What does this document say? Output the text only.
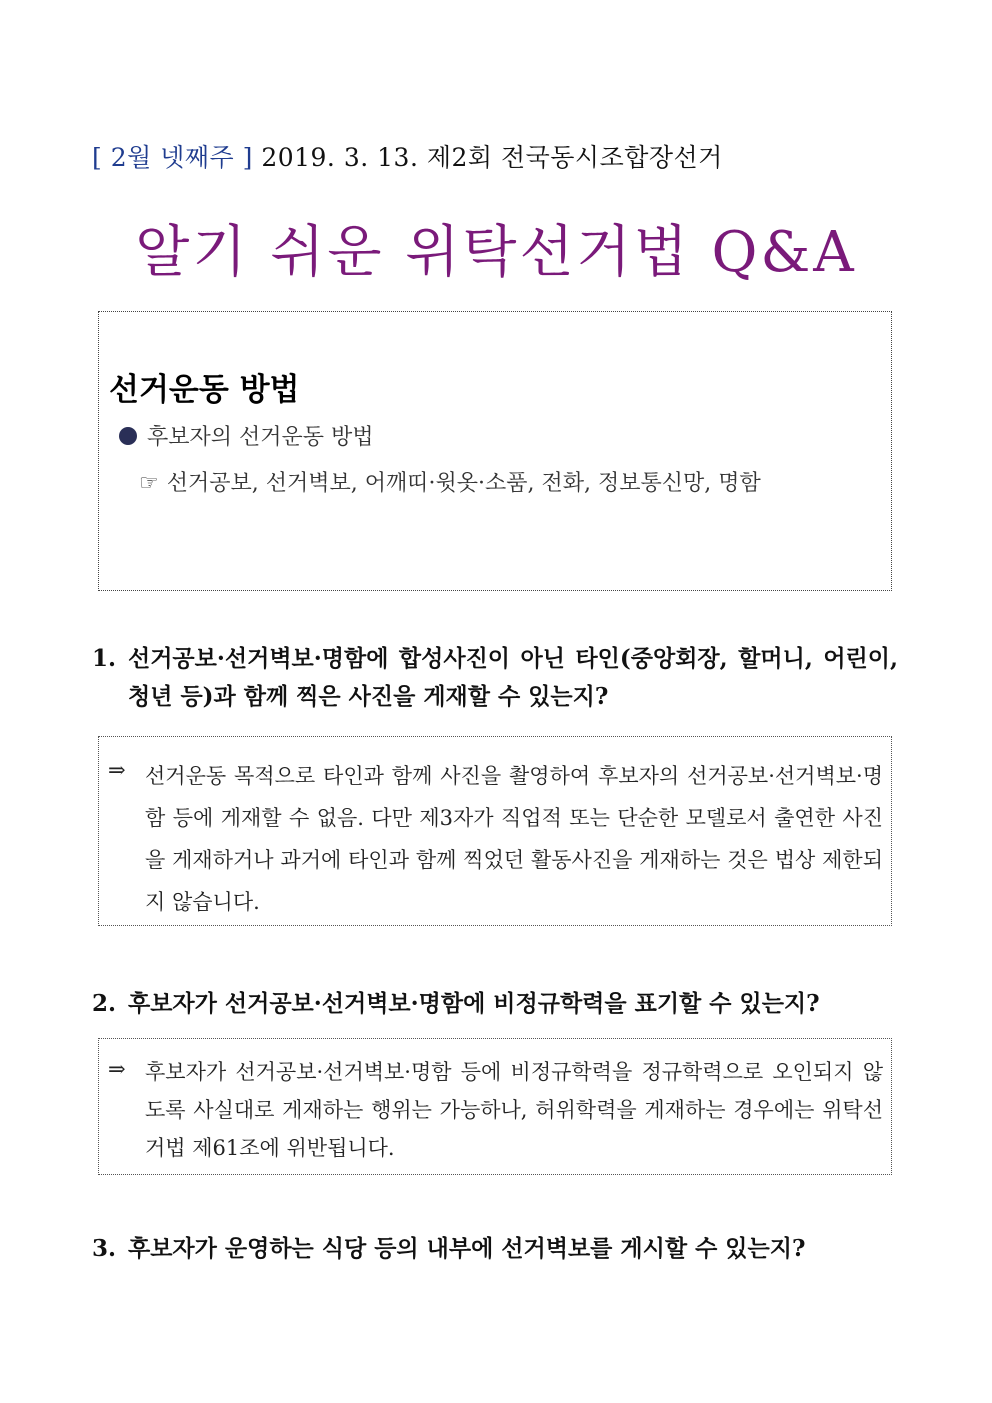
[ 2월 넷째주 ] 2019. 3. 13. 제2회 전국동시조합장선거
알기 쉬운 위탁선거법 Q&A
선거운동 방법
후보자의 선거운동 방법
☞ 선거공보, 선거벽보, 어깨띠·윗옷·소품, 전화, 정보통신망, 명함
1. 선거공보·선거벽보·명함에 합성사진이 아닌 타인(중앙회장, 할머니, 어린이, 청년 등)과 함께 찍은 사진을 게재할 수 있는지?
⇒ 선거운동 목적으로 타인과 함께 사진을 촬영하여 후보자의 선거공보·선거벽보·명함 등에 게재할 수 없음. 다만 제3자가 직업적 또는 단순한 모델로서 출연한 사진을 게재하거나 과거에 타인과 함께 찍었던 활동사진을 게재하는 것은 법상 제한되지 않습니다.
2. 후보자가 선거공보·선거벽보·명함에 비정규학력을 표기할 수 있는지?
⇒ 후보자가 선거공보·선거벽보·명함 등에 비정규학력을 정규학력으로 오인되지 않도록 사실대로 게재하는 행위는 가능하나, 허위학력을 게재하는 경우에는 위탁선거법 제61조에 위반됩니다.
3. 후보자가 운영하는 식당 등의 내부에 선거벽보를 게시할 수 있는지?
